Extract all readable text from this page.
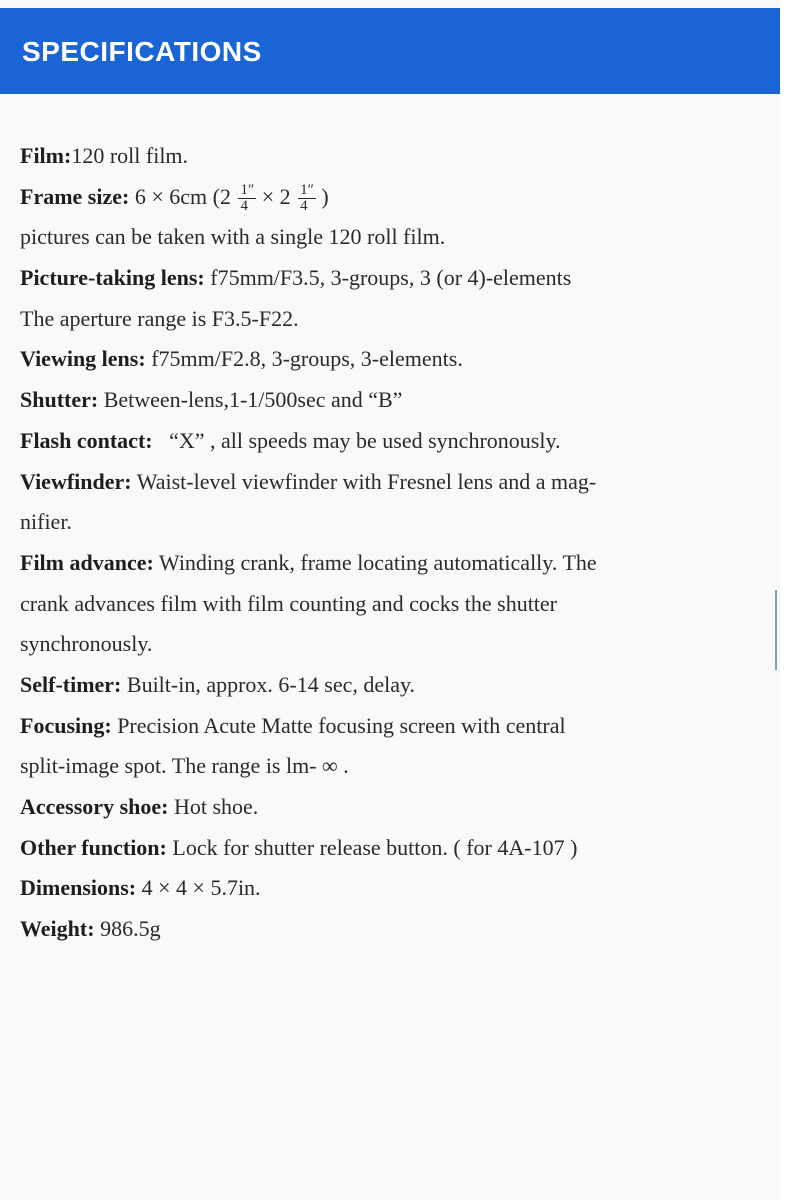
SPECIFICATIONS
Film:120 roll film.
Frame size: 6 × 6cm ($2 \frac{1''}{4} \times 2 \frac{1''}{4}$ )
pictures can be taken with a single 120 roll film.
Picture-taking lens: f75mm/F3.5, 3-groups, 3 (or 4)-elements
The aperture range is F3.5-F22.
Viewing lens: f75mm/F2.8, 3-groups, 3-elements.
Shutter: Between-lens,1-1/500sec and “B”
Flash contact:   “X” , all speeds may be used synchronously.
Viewfinder: Waist-level viewfinder with Fresnel lens and a mag-
nifier.
Film advance: Winding crank, frame locating automatically. The
crank advances film with film counting and cocks the shutter
synchronously.
Self-timer: Built-in, approx. 6-14 sec, delay.
Focusing: Precision Acute Matte focusing screen with central
split-image spot. The range is lm- ∞ .
Accessory shoe: Hot shoe.
Other function: Lock for shutter release button. ( for 4A-107 )
Dimensions: 4 × 4 × 5.7in.
Weight: 986.5g
